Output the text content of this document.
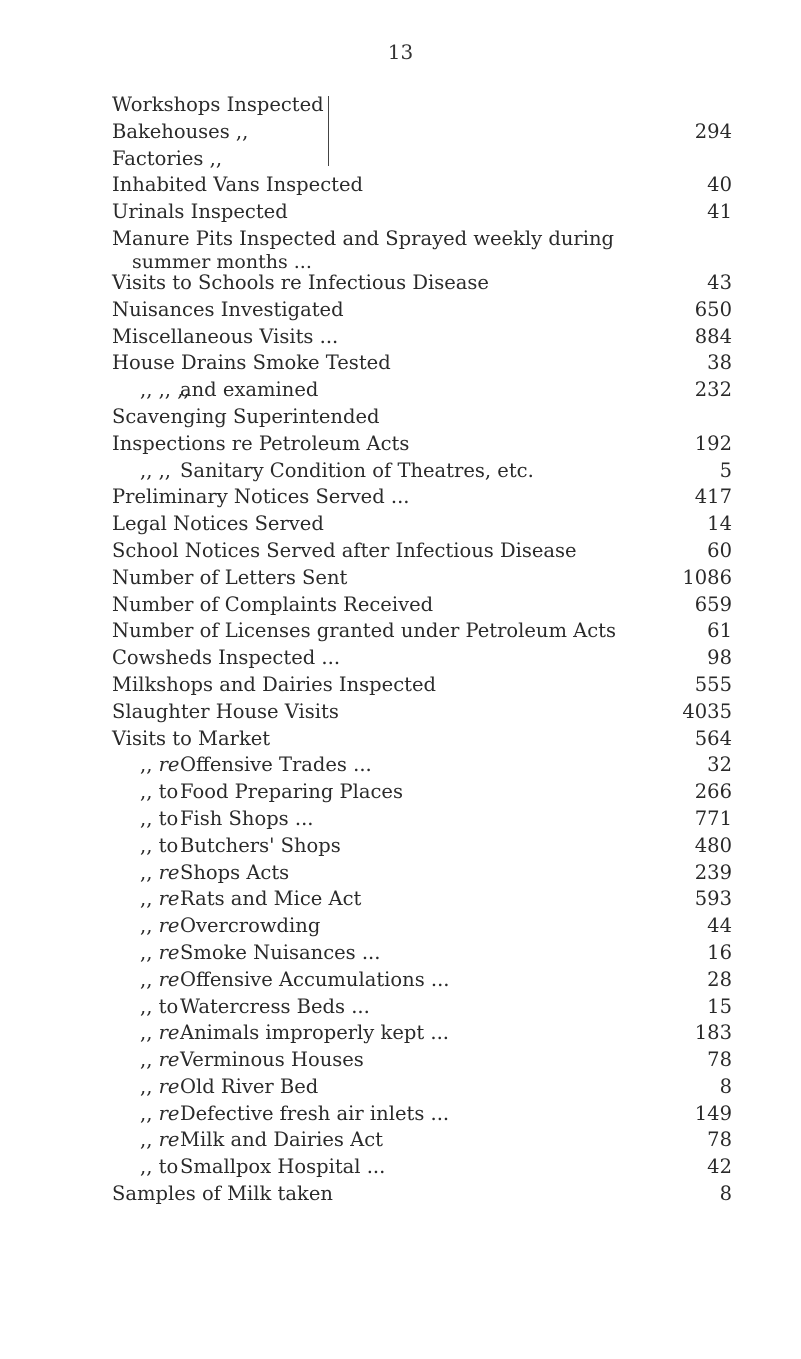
13
Workshops Inspected
Bakehouses ,,	294
Factories ,,
Inhabited Vans Inspected	40
Urinals Inspected	41
Manure Pits Inspected and Sprayed weekly during
summer months ...
Visits to Schools re Infectious Disease	43
Nuisances Investigated	650
Miscellaneous Visits ...	884
House Drains Smoke Tested	38
,, ,, ,,and examined	232
Scavenging Superintended
Inspections re Petroleum Acts	192
,, ,, Sanitary Condition of Theatres, etc.	5
Preliminary Notices Served ...	417
Legal Notices Served	14
School Notices Served after Infectious Disease	60
Number of Letters Sent	1086
Number of Complaints Received	659
Number of Licenses granted under Petroleum Acts	61
Cowsheds Inspected ...	98
Milkshops and Dairies Inspected	555
Slaughter House Visits	4035
Visits to Market	564
,, reOffensive Trades ...	32
,, toFood Preparing Places	266
,, toFish Shops ...	771
,, toButchers' Shops	480
,, reShops Acts	239
,, reRats and Mice Act	593
,, reOvercrowding	44
,, reSmoke Nuisances ...	16
,, reOffensive Accumulations ...	28
,, toWatercress Beds ...	15
,, reAnimals improperly kept ...	183
,, reVerminous Houses	78
,, reOld River Bed	8
,, reDefective fresh air inlets ...	149
,, reMilk and Dairies Act	78
,, toSmallpox Hospital ...	42
Samples of Milk taken	8
